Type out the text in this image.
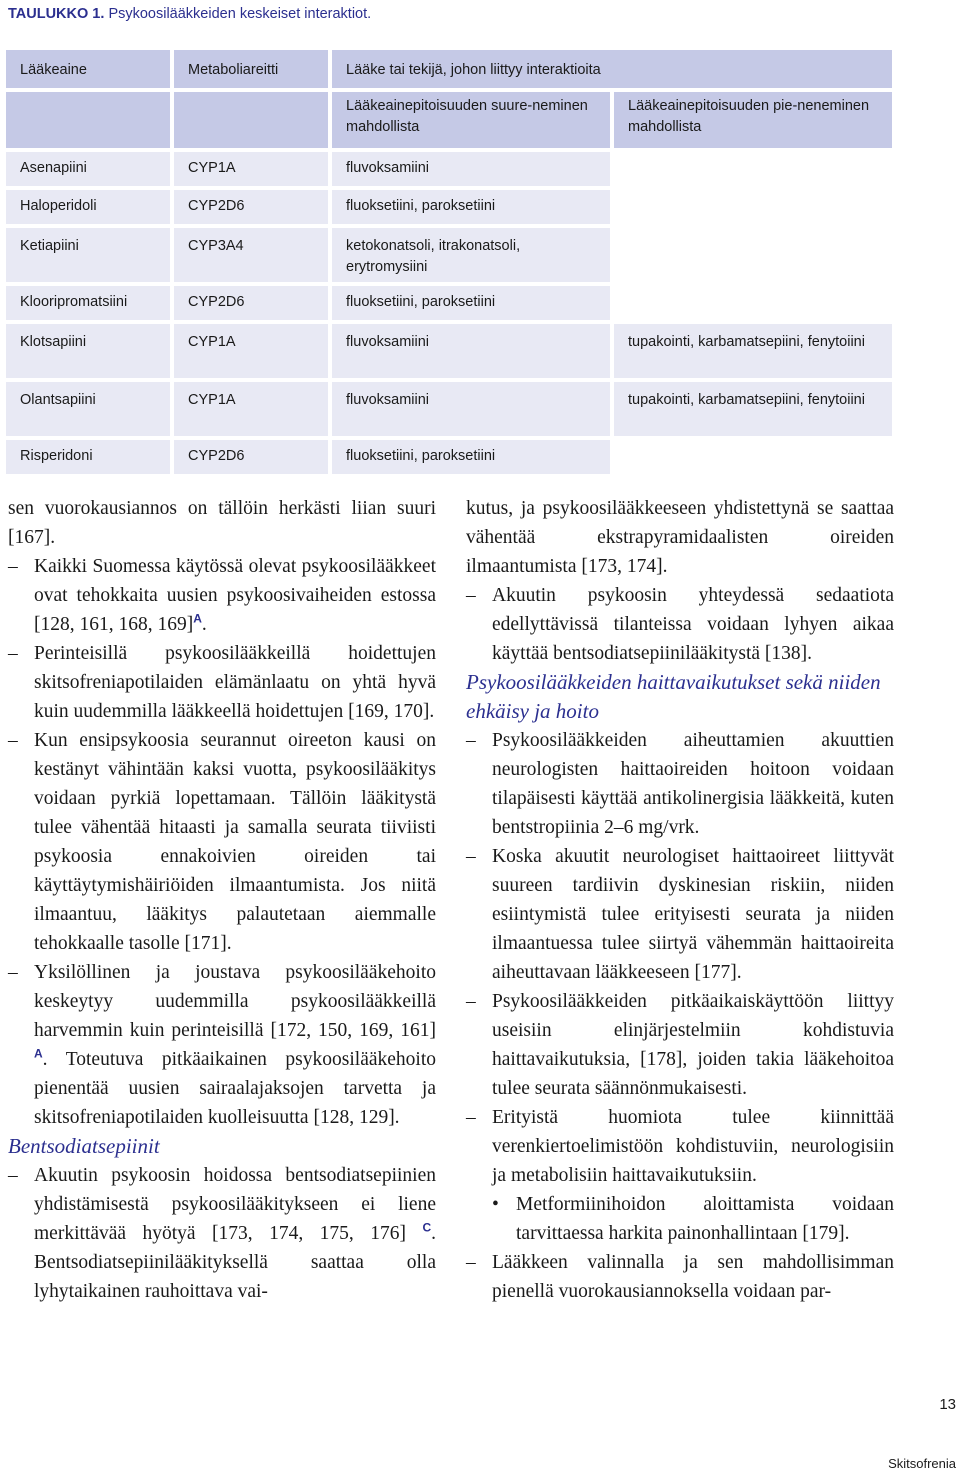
TAULUKKO 1. Psykoosilääkkeiden keskeiset interaktiot.
Lääkeaine	Metaboliareitti	Lääke tai tekijä, johon liittyy interaktioita	
		Lääkeainepitoisuuden suure-neminen mahdollista	Lääkeainepitoisuuden pie-neneminen mahdollista
Asenapiini	CYP1A	fluvoksamiini	
Haloperidoli	CYP2D6	fluoksetiini, paroksetiini	
Ketiapiini	CYP3A4	ketokonatsoli, itrakonatsoli, erytromysiini	
Klooripromatsiini	CYP2D6	fluoksetiini, paroksetiini	
Klotsapiini	CYP1A	fluvoksamiini	tupakointi, karbamatsepiini, fenytoiini
Olantsapiini	CYP1A	fluvoksamiini	tupakointi, karbamatsepiini, fenytoiini
Risperidoni	CYP2D6	fluoksetiini, paroksetiini	

sen vuorokausiannos on tällöin herkästi liian suuri [167].

– Kaikki Suomessa käytössä olevat psykoosilääkkeet ovat tehokkaita uusien psykoosivaiheiden estossa [128, 161, 168, 169]$^A$.
– Perinteisillä psykoosilääkkeillä hoidettujen skitsofreniapotilaiden elämänlaatu on yhtä hyvä kuin uudemmilla lääkkeellä hoidettujen [169, 170].
– Kun ensipsykoosia seurannut oireeton kausi on kestänyt vähintään kaksi vuotta, psykoosilääkitys voidaan pyrkiä lopettamaan. Tällöin lääkitystä tulee vähentää hitaasti ja samalla seurata tiiviisti psykoosia ennakoivien oireiden tai käyttäytymishäiriöiden ilmaantumista. Jos niitä ilmaantuu, lääkitys palautetaan aiemmalle tehokkaalle tasolle [171].
– Yksilöllinen ja joustava psykoosilääkehoito keskeytyy uudemmilla psykoosilääkkeillä harvemmin kuin perinteisillä [172, 150, 169, 161] $^A$. Toteutuva pitkäaikainen psykoosilääkehoito pienentää uusien sairaalajaksojen tarvetta ja skitsofreniapotilaiden kuolleisuutta [128, 129].
Bentsodiatsepiinit
– Akuutin psykoosin hoidossa bentsodiatsepiinien yhdistämisestä psykoosilääkitykseen ei liene merkittävää hyötyä [173, 174, 175, 176] $^C$. Bentsodiatsepiinilääkityksellä saattaa olla lyhytaikainen rauhoittava vai-

kutus, ja psykoosilääkkeeseen yhdistettynä se saattaa vähentää ekstrapyramidaalisten oireiden ilmaantumista [173, 174].

– Akuutin psykoosin yhteydessä sedaatiota edellyttävissä tilanteissa voidaan lyhyen aikaa käyttää bentsodiatsepiinilääkitystä [138].
Psykoosilääkkeiden haittavaikutukset sekä niiden ehkäisy ja hoito
– Psykoosilääkkeiden aiheuttamien akuuttien neurologisten haittaoireiden hoitoon voidaan tilapäisesti käyttää antikolinergisia lääkkeitä, kuten bentstropiinia 2–6 mg/vrk.
– Koska akuutit neurologiset haittaoireet liittyvät suureen tardiivin dyskinesian riskiin, niiden esiintymistä tulee erityisesti seurata ja niiden ilmaantuessa tulee siirtyä vähemmän haittaoireita aiheuttavaan lääkkeeseen [177].
– Psykoosilääkkeiden pitkäaikaiskäyttöön liittyy useisiin elinjärjestelmiin kohdistuvia haittavaikutuksia, [178], joiden takia lääkehoitoa tulee seurata säännönmukaisesti.
– Erityistä huomiota tulee kiinnittää verenkiertoelimistöön kohdistuviin, neurologisiin ja metabolisiin haittavaikutuksiin.
• Metformiinihoidon aloittamista voidaan tarvittaessa harkita painonhallintaan [179].
– Lääkkeen valinnalla ja sen mahdollisimman pienellä vuorokausiannoksella voidaan par-
13
Skitsofrenia
